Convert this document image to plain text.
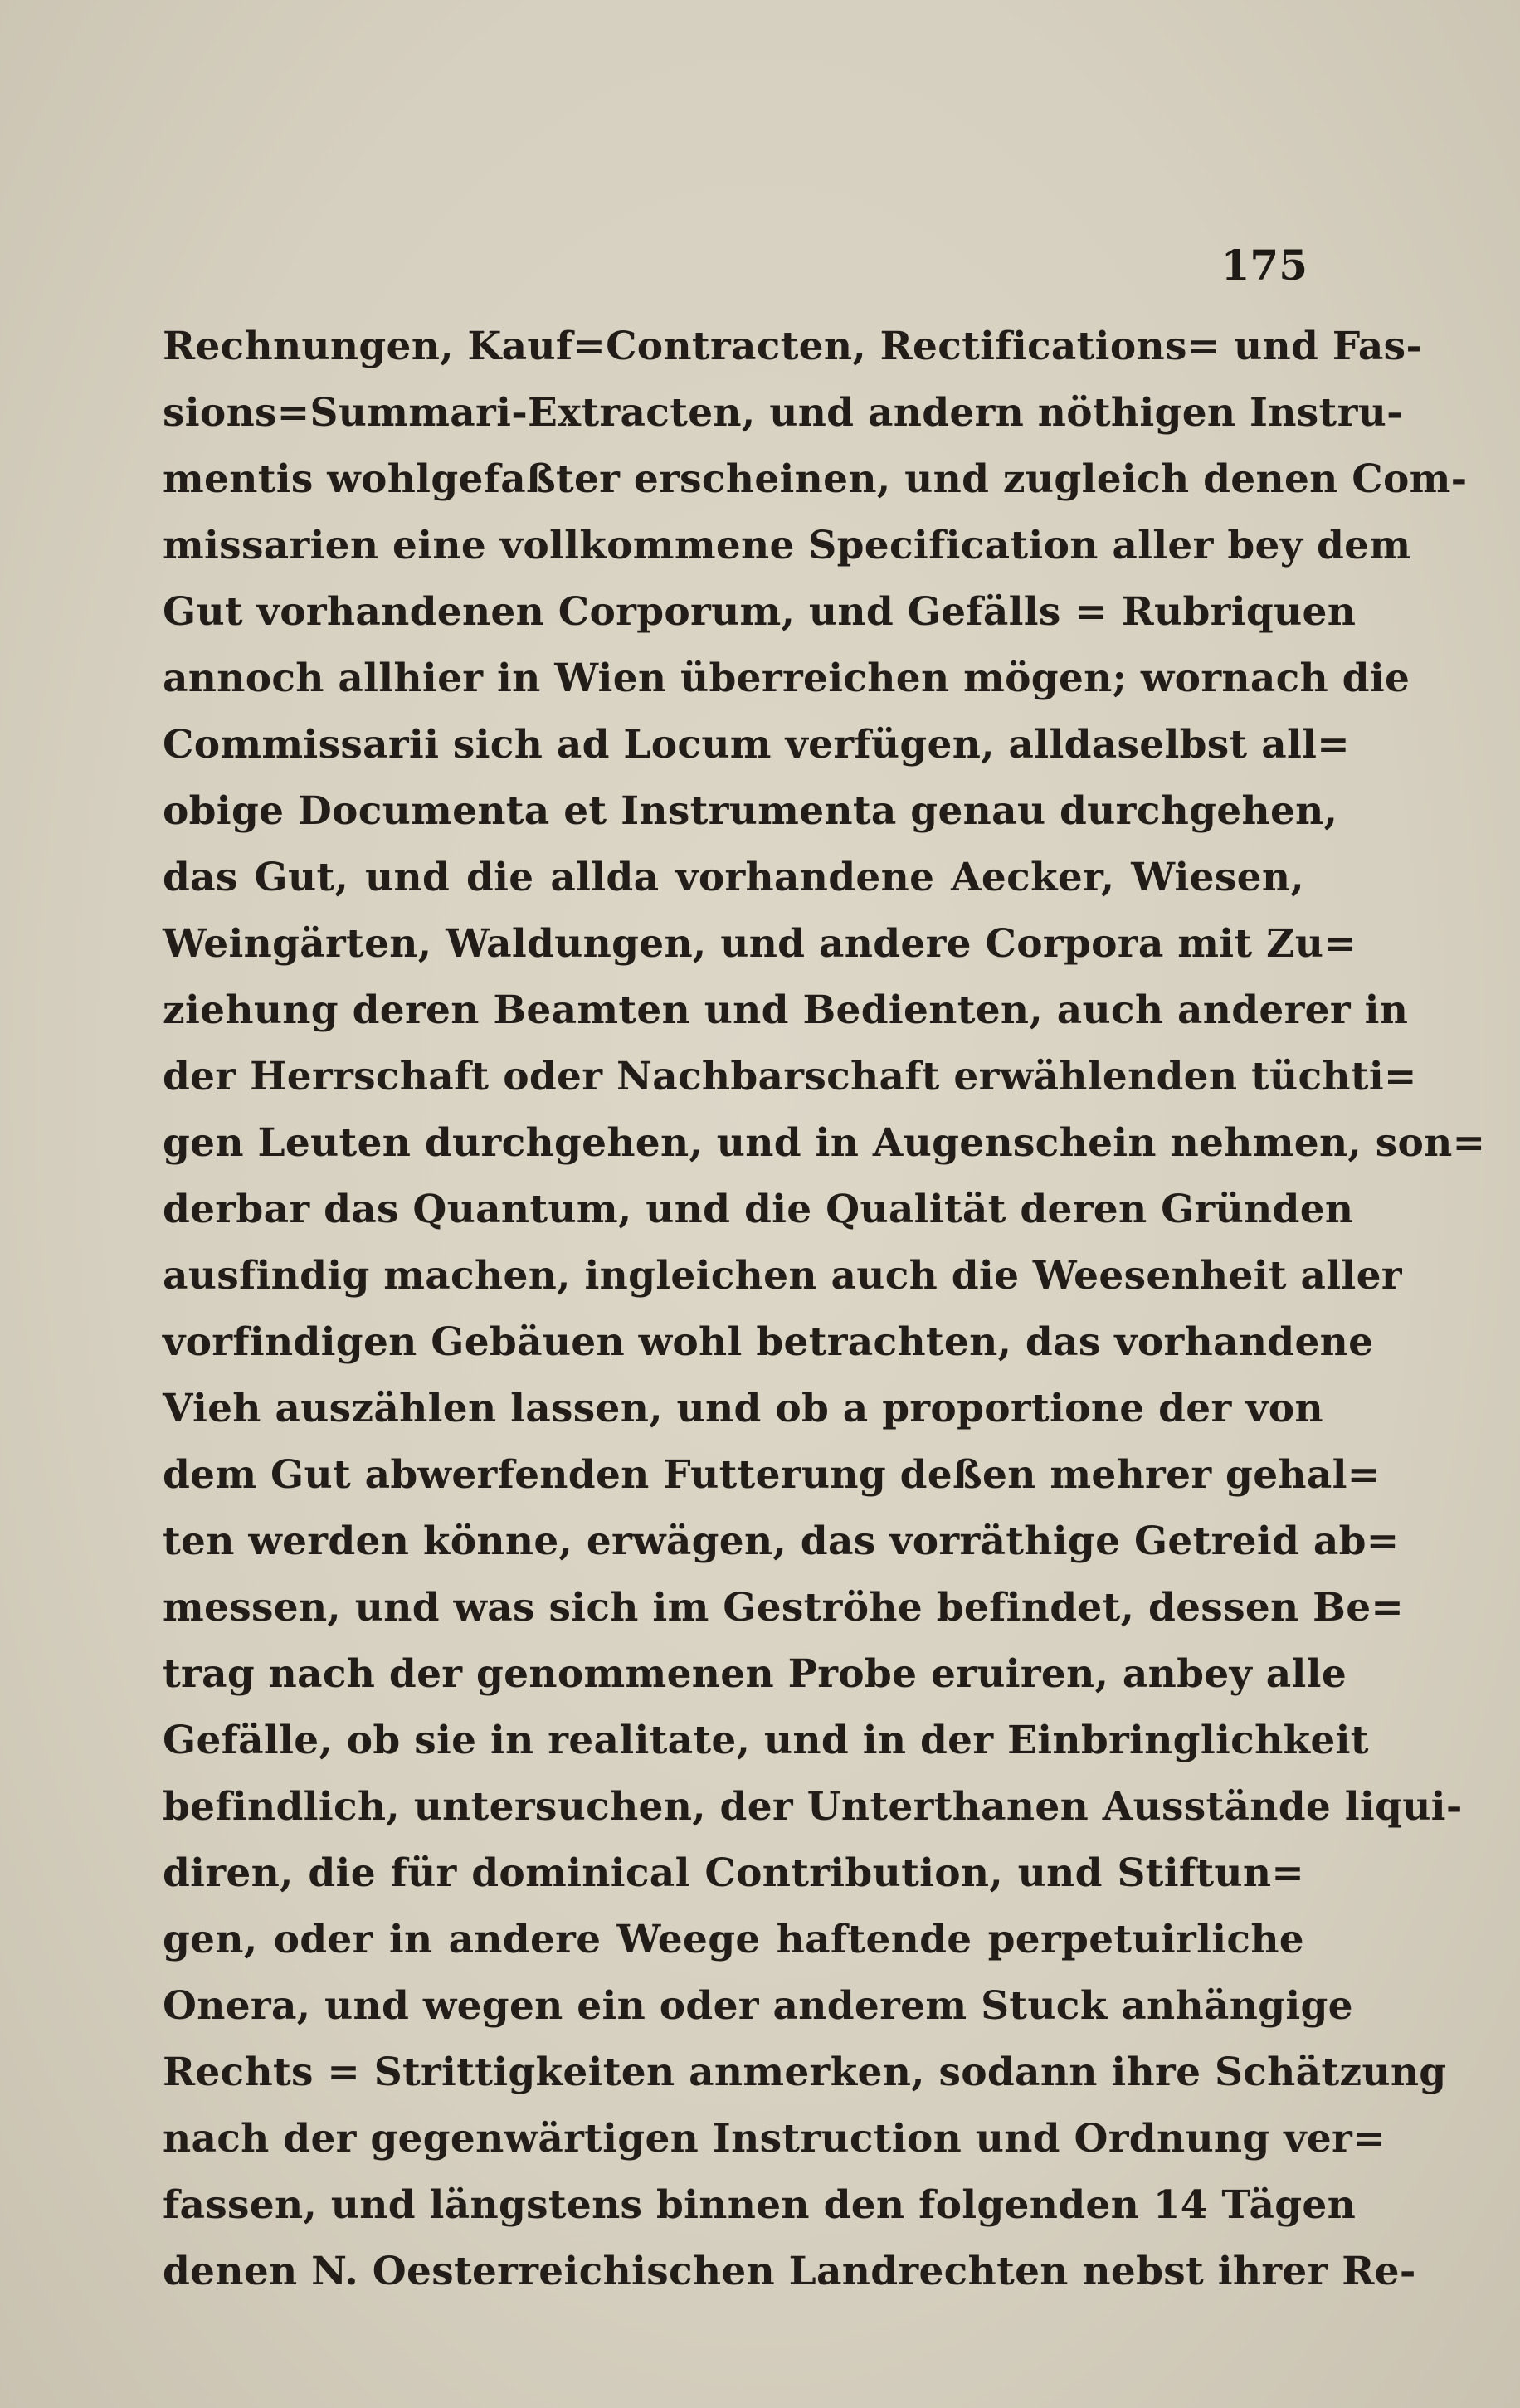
175
Rechnungen, Kauf=Contracten, Rectifications= und Fas-
sions=Summari-Extracten, und andern nöthigen Instru-
mentis wohlgefaßter erscheinen, und zugleich denen Com-
missarien eine vollkommene Specification aller bey dem
Gut vorhandenen Corporum, und Gefälls = Rubriquen
annoch allhier in Wien überreichen mögen; wornach die
Commissarii sich ad Locum verfügen, alldaselbst all=
obige Documenta et Instrumenta genau durchgehen,
das Gut, und die allda vorhandene Aecker, Wiesen,
Weingärten, Waldungen, und andere Corpora mit Zu=
ziehung deren Beamten und Bedienten, auch anderer in
der Herrschaft oder Nachbarschaft erwählenden tüchti=
gen Leuten durchgehen, und in Augenschein nehmen, son=
derbar das Quantum, und die Qualität deren Gründen
ausfindig machen, ingleichen auch die Weesenheit aller
vorfindigen Gebäuen wohl betrachten, das vorhandene
Vieh auszählen lassen, und ob a proportione der von
dem Gut abwerfenden Futterung deßen mehrer gehal=
ten werden könne, erwägen, das vorräthige Getreid ab=
messen, und was sich im Geströhe befindet, dessen Be=
trag nach der genommenen Probe eruiren, anbey alle
Gefälle, ob sie in realitate, und in der Einbringlichkeit
befindlich, untersuchen, der Unterthanen Ausstände liqui-
diren, die für dominical Contribution, und Stiftun=
gen, oder in andere Weege haftende perpetuirliche
Onera, und wegen ein oder anderem Stuck anhängige
Rechts = Strittigkeiten anmerken, sodann ihre Schätzung
nach der gegenwärtigen Instruction und Ordnung ver=
fassen, und längstens binnen den folgenden 14 Tägen
denen N. Oesterreichischen Landrechten nebst ihrer Re-
